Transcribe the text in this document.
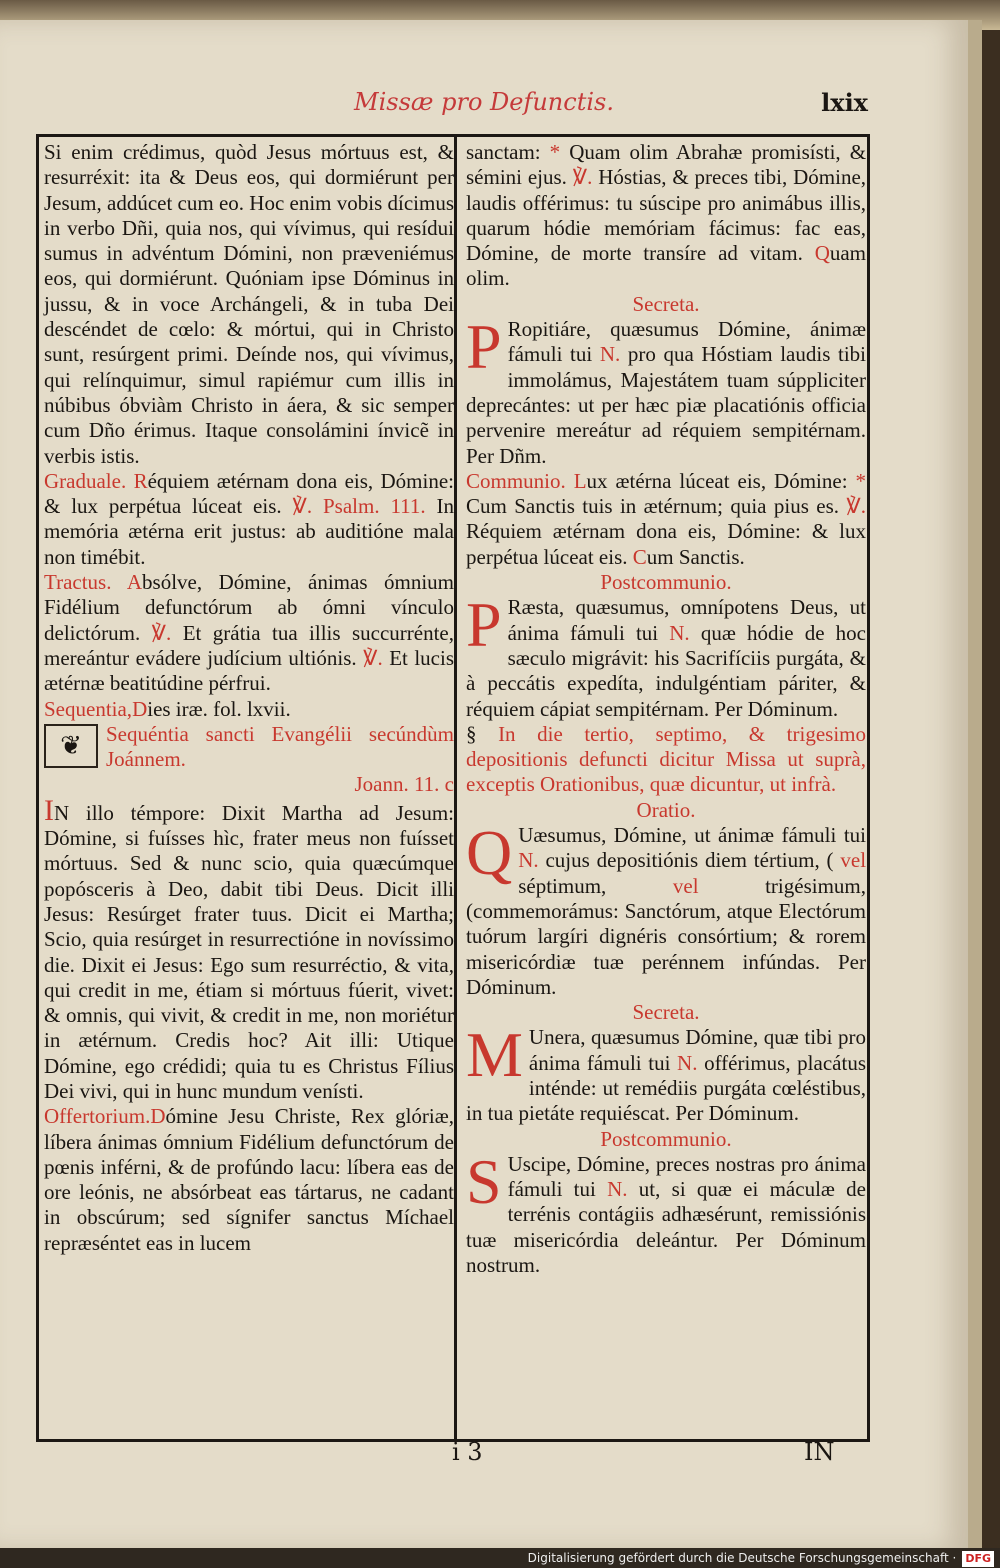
Missæ pro Defunctis.	lxix

Si enim crédimus, quòd Jesus mórtuus est, & resurréxit: ita & Deus eos, qui dormiérunt per Jesum, addúcet cum eo. Hoc enim vobis dícimus in verbo Dñi, quia nos, qui vívimus, qui resídui sumus in advéntum Dómini, non præveniémus eos, qui dormiérunt. Quóniam ipse Dóminus in jussu, & in voce Archángeli, & in tuba Dei descéndet de cœlo: & mórtui, qui in Christo sunt, resúrgent primi. Deínde nos, qui vívimus, qui relínquimur, simul rapiémur cum illis in núbibus óbviàm Christo in áera, & sic semper cum Dño érimus. Itaque consolámini ínvicẽ in verbis istis.

Graduale. Réquiem ætérnam dona eis, Dómine: & lux perpétua lúceat eis. ℣. Psalm. 111. In memória ætérna erit justus: ab auditióne mala non timébit.

Tractus. Absólve, Dómine, ánimas ómnium Fidélium defunctórum ab ómni vínculo delictórum. ℣. Et grátia tua illis succurrénte, mereántur evádere judícium ultiónis. ℣. Et lucis ætérnæ beatitúdine pérfrui.

Sequentia,Dies iræ. fol. lxvii.

❦	Sequéntia sancti Evangélii secúndùm Joánnem.

Joann. 11. c

IN illo témpore: Dixit Martha ad Jesum: Dómine, si fuísses hìc, frater meus non fuísset mórtuus. Sed & nunc scio, quia quæcúmque popósceris à Deo, dabit tibi Deus. Dicit illi Jesus: Resúrget frater tuus. Dicit ei Martha; Scio, quia resúrget in resurrectióne in novíssimo die. Dixit ei Jesus: Ego sum resurréctio, & vita, qui credit in me, étiam si mórtuus fúerit, vivet: & omnis, qui vivit, & credit in me, non moriétur in ætérnum. Credis hoc? Ait illi: Utique Dómine, ego crédidi; quia tu es Christus Fílius Dei vivi, qui in hunc mundum venísti.

Offertorium.Dómine Jesu Christe, Rex glóriæ, líbera ánimas ómnium Fidélium defunctórum de pœnis inférni, & de profúndo lacu: líbera eas de ore leónis, ne absórbeat eas tártarus, ne cadant in obscúrum; sed sígnifer sanctus Míchael repræséntet eas in lucem

sanctam: * Quam olim Abrahæ promisísti, & sémini ejus. ℣. Hóstias, & preces tibi, Dómine, laudis offérimus: tu súscipe pro animábus illis, quarum hódie memóriam fácimus: fac eas, Dómine, de morte transíre ad vitam. Quam olim.

Secreta.

P Ropitiáre, quæsumus Dómine, ánimæ fámuli tui N. pro qua Hóstiam laudis tibi immolámus, Majestátem tuam súppliciter deprecántes: ut per hæc piæ placatiónis officia pervenire mereátur ad réquiem sempitérnam. Per Dñm.

Communio. Lux ætérna lúceat eis, Dómine: * Cum Sanctis tuis in ætérnum; quia pius es. ℣. Réquiem ætérnam dona eis, Dómine: & lux perpétua lúceat eis. Cum Sanctis.

Postcommunio.

P Ræsta, quæsumus, omnípotens Deus, ut ánima fámuli tui N. quæ hódie de hoc sæculo migrávit: his Sacrifíciis purgáta, & à peccátis expedíta, indulgéntiam páriter, & réquiem cápiat sempitérnam. Per Dóminum.

§ In die tertio, septimo, & trigesimo depositionis defuncti dicitur Missa ut suprà, exceptis Orationibus, quæ dicuntur, ut infrà.

Oratio.

Q Uæsumus, Dómine, ut ánimæ fámuli tui N. cujus depositiónis diem tértium, ( vel séptimum,	vel	trigésimum, (commemorámus: Sanctórum, atque Electórum tuórum largíri dignéris consórtium; & rorem misericórdiæ tuæ perénnem infúndas. Per Dóminum.

Secreta.

M Unera, quæsumus Dómine, quæ tibi pro ánima fámuli tui N. offérimus, placátus inténde: ut remédiis purgáta cœléstibus, in tua pietáte requiéscat. Per Dóminum.

Postcommunio.

S Uscipe, Dómine, preces nostras pro ánima fámuli tui N. ut, si quæ ei máculæ de terrénis contágiis adhæsérunt, remissiónis tuæ misericórdia deleántur. Per Dóminum nostrum.

i 3	IN
Digitalisierung gefördert durch die Deutsche Forschungsgemeinschaft · DFG
